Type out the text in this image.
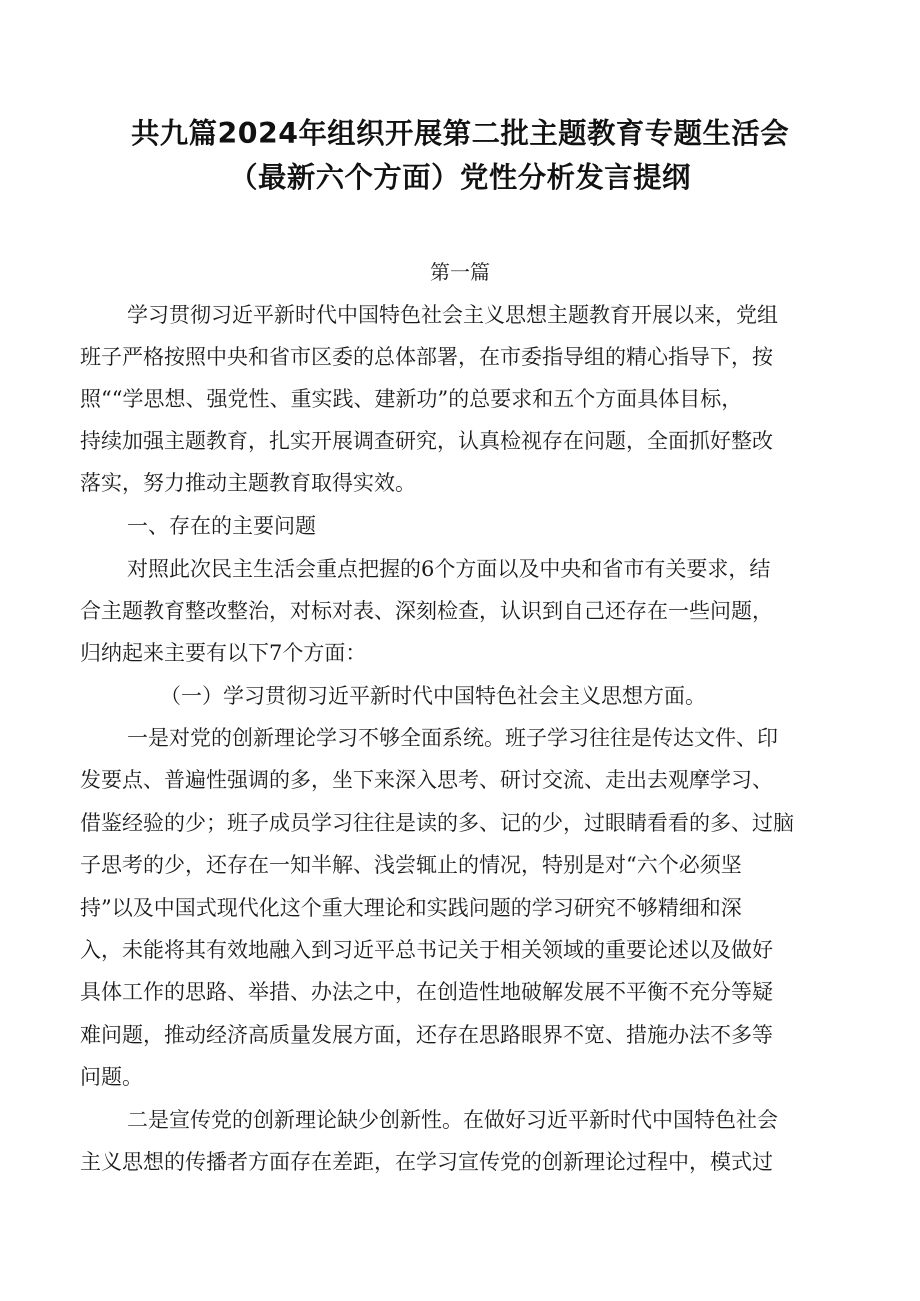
共九篇2024年组织开展第二批主题教育专题生活会
（最新六个方面）党性分析发言提纲
第一篇
学习贯彻习近平新时代中国特色社会主义思想主题教育开展以来，党组
班子严格按照中央和省市区委的总体部署，在市委指导组的精心指导下，按
照““学思想、强党性、重实践、建新功”的总要求和五个方面具体目标，
持续加强主题教育，扎实开展调查研究，认真检视存在问题，全面抓好整改
落实，努力推动主题教育取得实效。
一、存在的主要问题
对照此次民主生活会重点把握的6个方面以及中央和省市有关要求，结
合主题教育整改整治，对标对表、深刻检查，认识到自己还存在一些问题，
归纳起来主要有以下7个方面：
（一）学习贯彻习近平新时代中国特色社会主义思想方面。
一是对党的创新理论学习不够全面系统。班子学习往往是传达文件、印
发要点、普遍性强调的多，坐下来深入思考、研讨交流、走出去观摩学习、
借鉴经验的少；班子成员学习往往是读的多、记的少，过眼睛看看的多、过脑
子思考的少，还存在一知半解、浅尝辄止的情况，特别是对“六个必须坚
持”以及中国式现代化这个重大理论和实践问题的学习研究不够精细和深
入，未能将其有效地融入到习近平总书记关于相关领域的重要论述以及做好
具体工作的思路、举措、办法之中，在创造性地破解发展不平衡不充分等疑
难问题，推动经济高质量发展方面，还存在思路眼界不宽、措施办法不多等
问题。
二是宣传党的创新理论缺少创新性。在做好习近平新时代中国特色社会
主义思想的传播者方面存在差距，在学习宣传党的创新理论过程中，模式过
